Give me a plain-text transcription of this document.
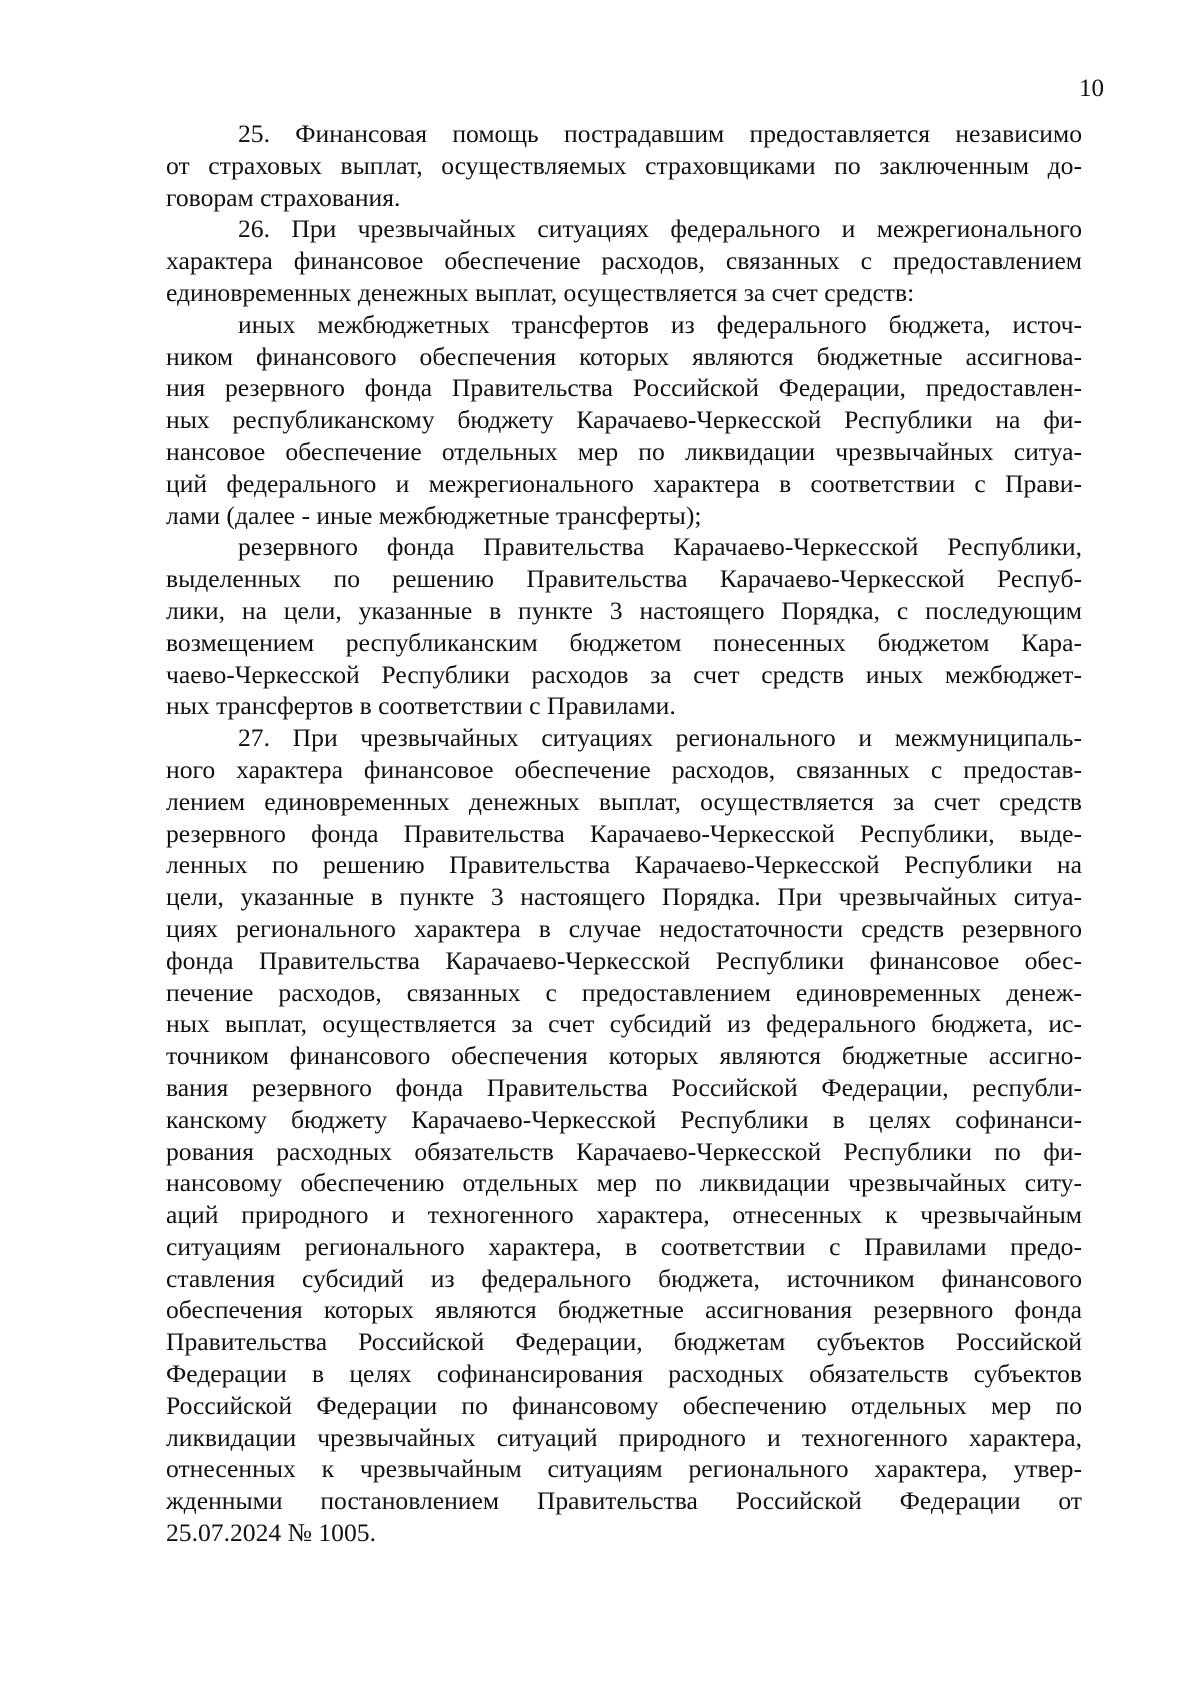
10

25. Финансовая помощь пострадавшим предоставляется независимо
от страховых выплат, осуществляемых страховщиками по заключенным до-
говорам страхования.

26. При чрезвычайных ситуациях федерального и межрегионального
характера финансовое обеспечение расходов, связанных с предоставлением
единовременных денежных выплат, осуществляется за счет средств:

иных межбюджетных трансфертов из федерального бюджета, источ-
ником финансового обеспечения которых являются бюджетные ассигнова-
ния резервного фонда Правительства Российской Федерации, предоставлен-
ных республиканскому бюджету Карачаево-Черкесской Республики на фи-
нансовое обеспечение отдельных мер по ликвидации чрезвычайных ситуа-
ций федерального и межрегионального характера в соответствии с Прави-
лами (далее - иные межбюджетные трансферты);

резервного фонда Правительства Карачаево-Черкесской Республики,
выделенных по решению Правительства Карачаево-Черкесской Респуб-
лики, на цели, указанные в пункте 3 настоящего Порядка, с последующим
возмещением республиканским бюджетом понесенных бюджетом Кара-
чаево-Черкесской Республики расходов за счет средств иных межбюджет-
ных трансфертов в соответствии с Правилами.

27. При чрезвычайных ситуациях регионального и межмуниципаль-
ного характера финансовое обеспечение расходов, связанных с предостав-
лением единовременных денежных выплат, осуществляется за счет средств
резервного фонда Правительства Карачаево-Черкесской Республики, выде-
ленных по решению Правительства Карачаево-Черкесской Республики на
цели, указанные в пункте 3 настоящего Порядка. При чрезвычайных ситуа-
циях регионального характера в случае недостаточности средств резервного
фонда Правительства Карачаево-Черкесской Республики финансовое обес-
печение расходов, связанных с предоставлением единовременных денеж-
ных выплат, осуществляется за счет субсидий из федерального бюджета, ис-
точником финансового обеспечения которых являются бюджетные ассигно-
вания резервного фонда Правительства Российской Федерации, республи-
канскому бюджету Карачаево-Черкесской Республики в целях софинанси-
рования расходных обязательств Карачаево-Черкесской Республики по фи-
нансовому обеспечению отдельных мер по ликвидации чрезвычайных ситу-
аций природного и техногенного характера, отнесенных к чрезвычайным
ситуациям регионального характера, в соответствии с Правилами предо-
ставления субсидий из федерального бюджета, источником финансового
обеспечения которых являются бюджетные ассигнования резервного фонда
Правительства Российской Федерации, бюджетам субъектов Российской
Федерации в целях софинансирования расходных обязательств субъектов
Российской Федерации по финансовому обеспечению отдельных мер по
ликвидации чрезвычайных ситуаций природного и техногенного характера,
отнесенных к чрезвычайным ситуациям регионального характера, утвер-
жденными постановлением Правительства Российской Федерации от
25.07.2024 № 1005.
